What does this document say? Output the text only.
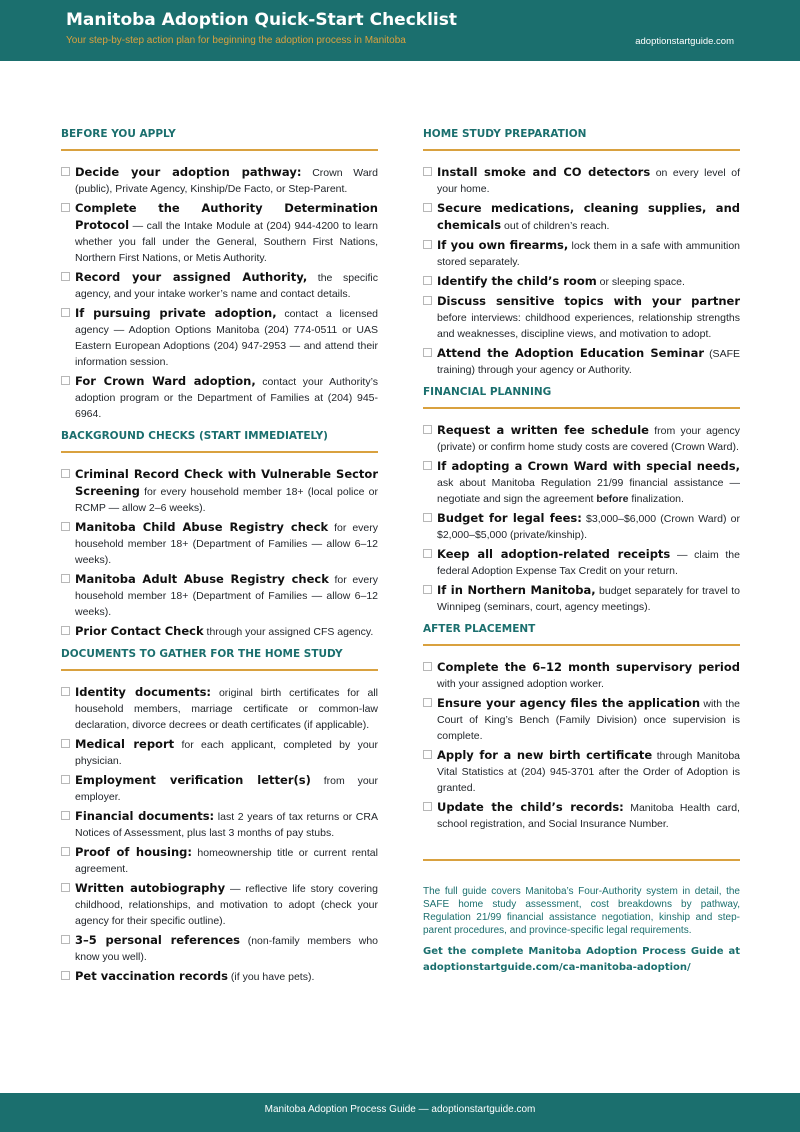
Manitoba Adoption Quick-Start Checklist
Your step-by-step action plan for beginning the adoption process in Manitoba	adoptionstartguide.com
BEFORE YOU APPLY
Decide your adoption pathway: Crown Ward (public), Private Agency, Kinship/De Facto, or Step-Parent.
Complete the Authority Determination Protocol — call the Intake Module at (204) 944-4200 to learn whether you fall under the General, Southern First Nations, Northern First Nations, or Metis Authority.
Record your assigned Authority, the specific agency, and your intake worker’s name and contact details.
If pursuing private adoption, contact a licensed agency — Adoption Options Manitoba (204) 774-0511 or UAS Eastern European Adoptions (204) 947-2953 — and attend their information session.
For Crown Ward adoption, contact your Authority’s adoption program or the Department of Families at (204) 945-6964.
BACKGROUND CHECKS (START IMMEDIATELY)
Criminal Record Check with Vulnerable Sector Screening for every household member 18+ (local police or RCMP — allow 2–6 weeks).
Manitoba Child Abuse Registry check for every household member 18+ (Department of Families — allow 6–12 weeks).
Manitoba Adult Abuse Registry check for every household member 18+ (Department of Families — allow 6–12 weeks).
Prior Contact Check through your assigned CFS agency.
DOCUMENTS TO GATHER FOR THE HOME STUDY
Identity documents: original birth certificates for all household members, marriage certificate or common-law declaration, divorce decrees or death certificates (if applicable).
Medical report for each applicant, completed by your physician.
Employment verification letter(s) from your employer.
Financial documents: last 2 years of tax returns or CRA Notices of Assessment, plus last 3 months of pay stubs.
Proof of housing: homeownership title or current rental agreement.
Written autobiography — reflective life story covering childhood, relationships, and motivation to adopt (check your agency for their specific outline).
3–5 personal references (non-family members who know you well).
Pet vaccination records (if you have pets).
HOME STUDY PREPARATION
Install smoke and CO detectors on every level of your home.
Secure medications, cleaning supplies, and chemicals out of children’s reach.
If you own firearms, lock them in a safe with ammunition stored separately.
Identify the child’s room or sleeping space.
Discuss sensitive topics with your partner before interviews: childhood experiences, relationship strengths and weaknesses, discipline views, and motivation to adopt.
Attend the Adoption Education Seminar (SAFE training) through your agency or Authority.
FINANCIAL PLANNING
Request a written fee schedule from your agency (private) or confirm home study costs are covered (Crown Ward).
If adopting a Crown Ward with special needs, ask about Manitoba Regulation 21/99 financial assistance — negotiate and sign the agreement before finalization.
Budget for legal fees: $3,000–$6,000 (Crown Ward) or $2,000–$5,000 (private/kinship).
Keep all adoption-related receipts — claim the federal Adoption Expense Tax Credit on your return.
If in Northern Manitoba, budget separately for travel to Winnipeg (seminars, court, agency meetings).
AFTER PLACEMENT
Complete the 6–12 month supervisory period with your assigned adoption worker.
Ensure your agency files the application with the Court of King’s Bench (Family Division) once supervision is complete.
Apply for a new birth certificate through Manitoba Vital Statistics at (204) 945-3701 after the Order of Adoption is granted.
Update the child’s records: Manitoba Health card, school registration, and Social Insurance Number.
The full guide covers Manitoba’s Four-Authority system in detail, the SAFE home study assessment, cost breakdowns by pathway, Regulation 21/99 financial assistance negotiation, kinship and step-parent procedures, and province-specific legal requirements.
Get the complete Manitoba Adoption Process Guide at adoptionstartguide.com/ca-manitoba-adoption/
Manitoba Adoption Process Guide — adoptionstartguide.com
